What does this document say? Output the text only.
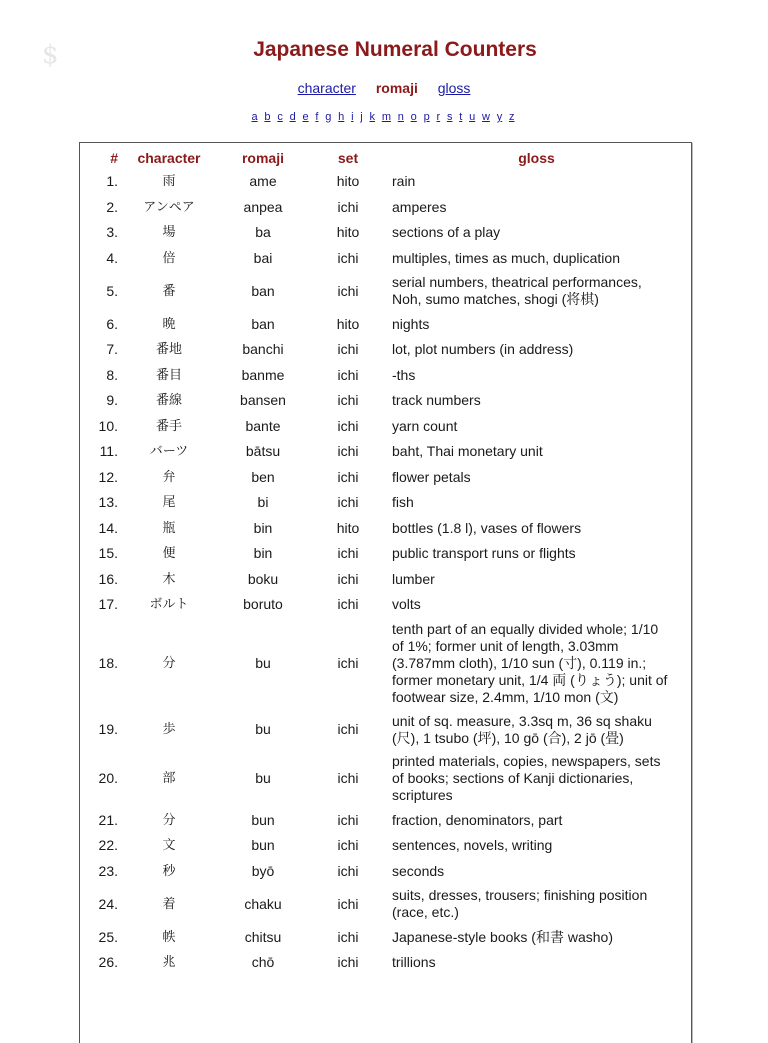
$	Japanese Numeral Counters
character romaji gloss
a b c d e f g h i j k m n o p r s t u w y z
#	character	romaji	set	gloss
1.	雨	ame	hito	rain

2.	アンペア	anpea	ichi	amperes

3.	場	ba	hito	sections of a play

4.	倍	bai	ichi	multiples, times as much, duplication

5.	番	ban	ichi	serial numbers, theatrical performances,
Noh, sumo matches, shogi (将棋)

6.	晩	ban	hito	nights

7.	番地	banchi	ichi	lot, plot numbers (in address)

8.	番目	banme	ichi	-ths

9.	番線	bansen	ichi	track numbers

10.	番手	bante	ichi	yarn count

11.	バーツ	bātsu	ichi	baht, Thai monetary unit

12.	弁	ben	ichi	flower petals

13.	尾	bi	ichi	fish

14.	瓶	bin	hito	bottles (1.8 l), vases of flowers

15.	便	bin	ichi	public transport runs or flights

16.	木	boku	ichi	lumber

17.	ボルト	boruto	ichi	volts

18.	分	bu	ichi	tenth part of an equally divided whole; 1/10
of 1%; former unit of length, 3.03mm
(3.787mm cloth), 1/10 sun (寸), 0.119 in.;
former monetary unit, 1/4 両 (りょう); unit of
footwear size, 2.4mm, 1/10 mon (文)

19.	歩	bu	ichi	unit of sq. measure, 3.3sq m, 36 sq shaku
(尺), 1 tsubo (坪), 10 gō (合), 2 jō (畳)

20.	部	bu	ichi	printed materials, copies, newspapers, sets
of books; sections of Kanji dictionaries,
scriptures

21.	分	bun	ichi	fraction, denominators, part

22.	文	bun	ichi	sentences, novels, writing

23.	秒	byō	ichi	seconds

24.	着	chaku	ichi	suits, dresses, trousers; finishing position
(race, etc.)

25.	帙	chitsu	ichi	Japanese-style books (和書 washo)

26.	兆	chō	ichi	trillions
